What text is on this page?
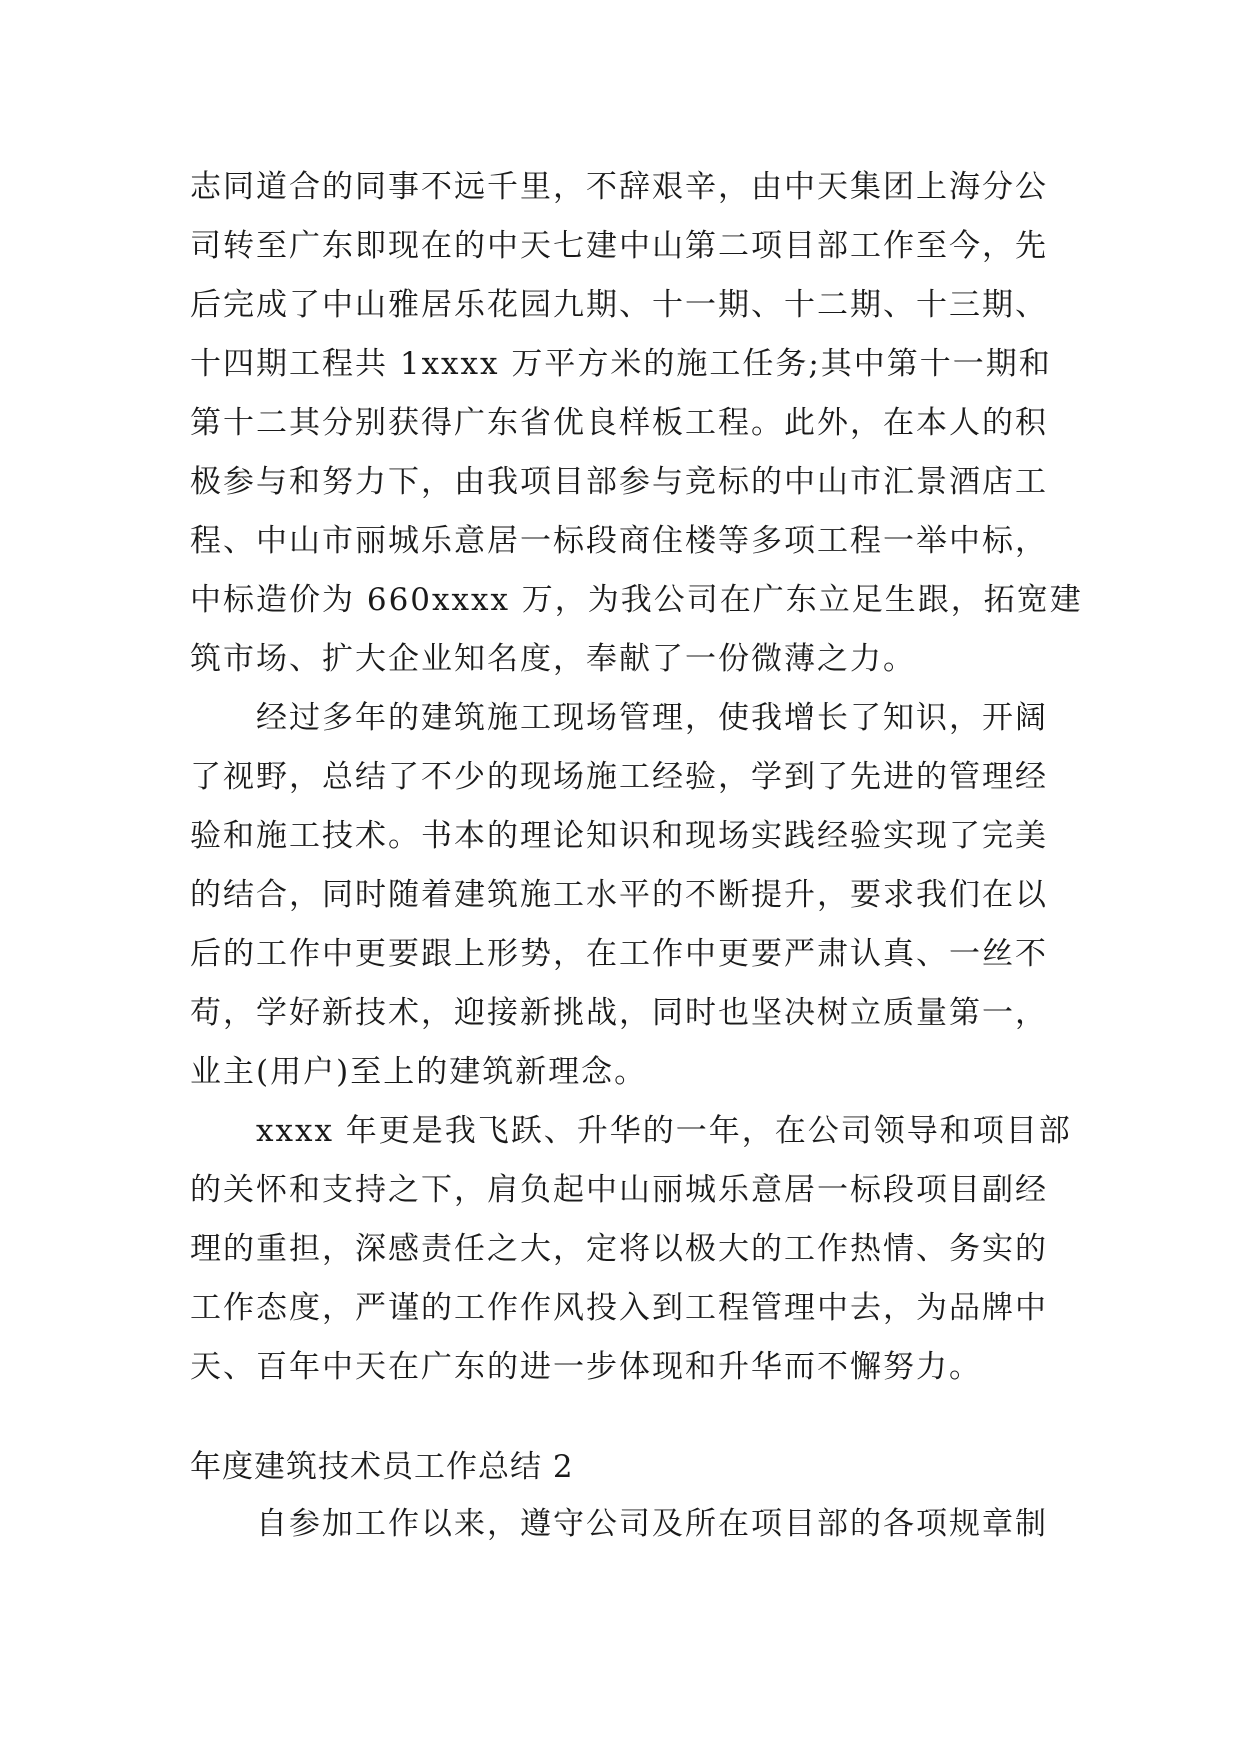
志同道合的同事不远千里，不辞艰辛，由中天集团上海分公
司转至广东即现在的中天七建中山第二项目部工作至今，先
后完成了中山雅居乐花园九期、十一期、十二期、十三期、
十四期工程共 1xxxx 万平方米的施工任务;其中第十一期和
第十二其分别获得广东省优良样板工程。此外，在本人的积
极参与和努力下，由我项目部参与竞标的中山市汇景酒店工
程、中山市丽城乐意居一标段商住楼等多项工程一举中标，
中标造价为 660xxxx 万，为我公司在广东立足生跟，拓宽建
筑市场、扩大企业知名度，奉献了一份微薄之力。
经过多年的建筑施工现场管理，使我增长了知识，开阔
了视野，总结了不少的现场施工经验，学到了先进的管理经
验和施工技术。书本的理论知识和现场实践经验实现了完美
的结合，同时随着建筑施工水平的不断提升，要求我们在以
后的工作中更要跟上形势，在工作中更要严肃认真、一丝不
苟，学好新技术，迎接新挑战，同时也坚决树立质量第一，
业主(用户)至上的建筑新理念。
xxxx 年更是我飞跃、升华的一年，在公司领导和项目部
的关怀和支持之下，肩负起中山丽城乐意居一标段项目副经
理的重担，深感责任之大，定将以极大的工作热情、务实的
工作态度，严谨的工作作风投入到工程管理中去，为品牌中
天、百年中天在广东的进一步体现和升华而不懈努力。
年度建筑技术员工作总结 2
自参加工作以来，遵守公司及所在项目部的各项规章制
